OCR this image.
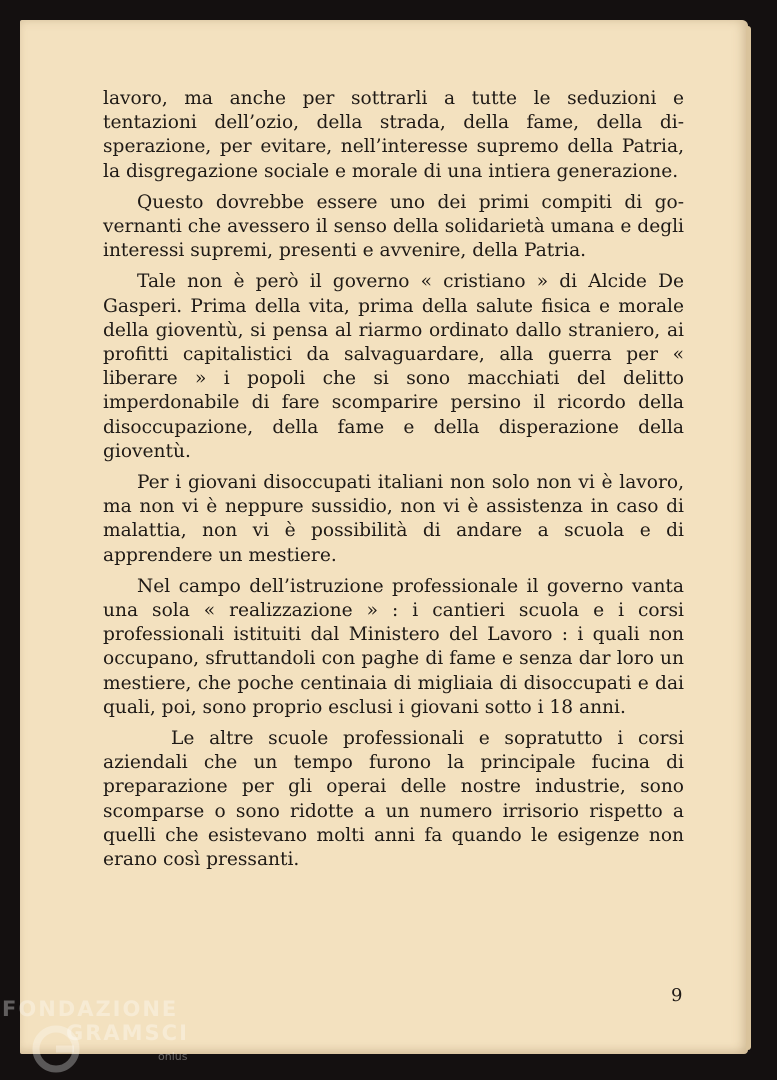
lavoro, ma anche per sottrarli a tutte le seduzioni e tentazioni dell’ozio, della strada, della fame, della disperazione, per evitare, nell’interesse supremo della Patria, la disgregazione sociale e morale di una intiera generazione.

Questo dovrebbe essere uno dei primi compiti di governanti che avessero il senso della solidarietà umana e degli interessi supremi, presenti e avvenire, della Patria.

Tale non è però il governo « cristiano » di Alcide De Gasperi. Prima della vita, prima della salute fisica e morale della gioventù, si pensa al riarmo ordinato dallo straniero, ai profitti capitalistici da salvaguardare, alla guerra per « liberare » i popoli che si sono macchiati del delitto imperdonabile di fare scomparire persino il ricordo della disoccupazione, della fame e della disperazione della gioventù.

Per i giovani disoccupati italiani non solo non vi è lavoro, ma non vi è neppure sussidio, non vi è assistenza in caso di malattia, non vi è possibilità di andare a scuola e di apprendere un mestiere.

Nel campo dell’istruzione professionale il governo vanta una sola « realizzazione » : i cantieri scuola e i corsi professionali istituiti dal Ministero del Lavoro : i quali non occupano, sfruttandoli con paghe di fame e senza dar loro un mestiere, che poche centinaia di migliaia di disoccupati e dai quali, poi, sono proprio esclusi i giovani sotto i 18 anni.

Le altre scuole professionali e sopratutto i corsi aziendali che un tempo furono la principale fucina di preparazione per gli operai delle nostre industrie, sono scomparse o sono ridotte a un numero irrisorio rispetto a quelli che esistevano molti anni fa quando le esigenze non erano così pressanti.

9
FONDAZIONE
GRAMSCI
onlus
